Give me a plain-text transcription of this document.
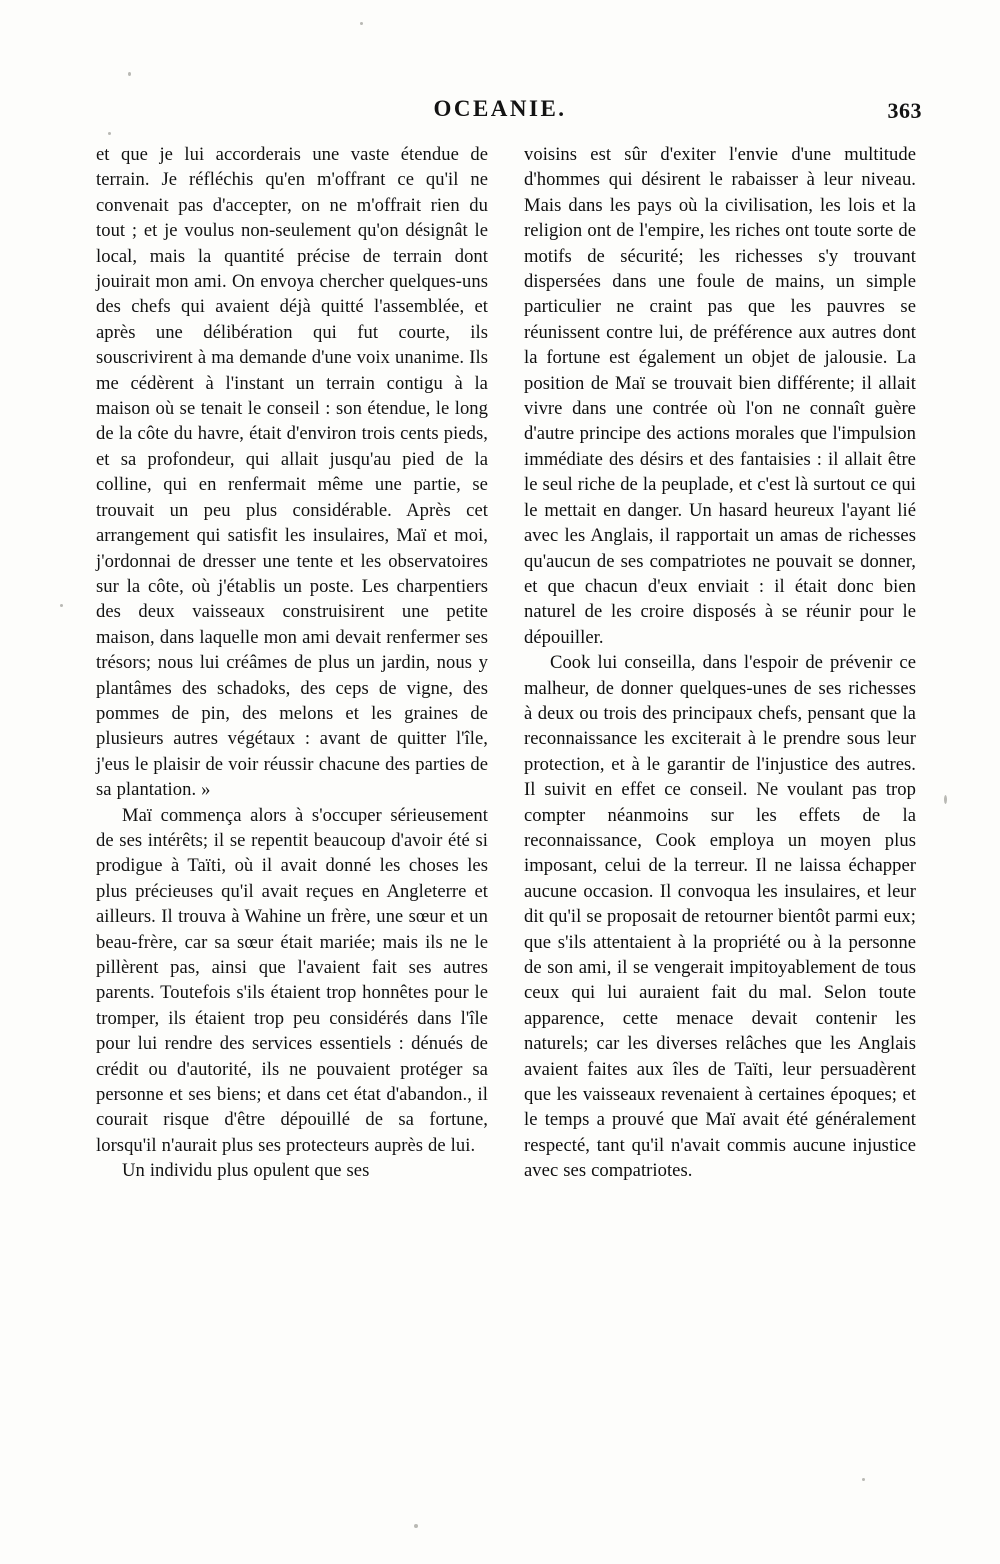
OCEANIE.	363

et que je lui accorderais une vaste étendue de terrain. Je réfléchis qu'en m'offrant ce qu'il ne convenait pas d'accepter, on ne m'offrait rien du tout ; et je voulus non-seulement qu'on désignât le local, mais la quantité précise de terrain dont jouirait mon ami. On envoya chercher quelques-uns des chefs qui avaient déjà quitté l'assemblée, et après une délibération qui fut courte, ils souscrivirent à ma demande d'une voix unanime. Ils me cédèrent à l'instant un terrain contigu à la maison où se tenait le conseil : son étendue, le long de la côte du havre, était d'environ trois cents pieds, et sa profondeur, qui allait jusqu'au pied de la colline, qui en renfermait même une partie, se trouvait un peu plus considérable. Après cet arrangement qui satisfit les insulaires, Maï et moi, j'ordonnai de dresser une tente et les observatoires sur la côte, où j'établis un poste. Les charpentiers des deux vaisseaux construisirent une petite maison, dans laquelle mon ami devait renfermer ses trésors; nous lui créâmes de plus un jardin, nous y plantâmes des schadoks, des ceps de vigne, des pommes de pin, des melons et les graines de plusieurs autres végétaux : avant de quitter l'île, j'eus le plaisir de voir réussir chacune des parties de sa plantation. »

Maï commença alors à s'occuper sérieusement de ses intérêts; il se repentit beaucoup d'avoir été si prodigue à Taïti, où il avait donné les choses les plus précieuses qu'il avait reçues en Angleterre et ailleurs. Il trouva à Wahine un frère, une sœur et un beau-frère, car sa sœur était mariée; mais ils ne le pillèrent pas, ainsi que l'avaient fait ses autres parents. Toutefois s'ils étaient trop honnêtes pour le tromper, ils étaient trop peu considérés dans l'île pour lui rendre des services essentiels : dénués de crédit ou d'autorité, ils ne pouvaient protéger sa personne et ses biens; et dans cet état d'abandon., il courait risque d'être dépouillé de sa fortune, lorsqu'il n'aurait plus ses protecteurs auprès de lui.

Un individu plus opulent que ses

voisins est sûr d'exiter l'envie d'une multitude d'hommes qui désirent le rabaisser à leur niveau. Mais dans les pays où la civilisation, les lois et la religion ont de l'empire, les riches ont toute sorte de motifs de sécurité; les richesses s'y trouvant dispersées dans une foule de mains, un simple particulier ne craint pas que les pauvres se réunissent contre lui, de préférence aux autres dont la fortune est également un objet de jalousie. La position de Maï se trouvait bien différente; il allait vivre dans une contrée où l'on ne connaît guère d'autre principe des actions morales que l'impulsion immédiate des désirs et des fantaisies : il allait être le seul riche de la peuplade, et c'est là surtout ce qui le mettait en danger. Un hasard heureux l'ayant lié avec les Anglais, il rapportait un amas de richesses qu'aucun de ses compatriotes ne pouvait se donner, et que chacun d'eux enviait : il était donc bien naturel de les croire disposés à se réunir pour le dépouiller.

Cook lui conseilla, dans l'espoir de prévenir ce malheur, de donner quelques-unes de ses richesses à deux ou trois des principaux chefs, pensant que la reconnaissance les exciterait à le prendre sous leur protection, et à le garantir de l'injustice des autres. Il suivit en effet ce conseil. Ne voulant pas trop compter néanmoins sur les effets de la reconnaissance, Cook employa un moyen plus imposant, celui de la terreur. Il ne laissa échapper aucune occasion. Il convoqua les insulaires, et leur dit qu'il se proposait de retourner bientôt parmi eux; que s'ils attentaient à la propriété ou à la personne de son ami, il se vengerait impitoyablement de tous ceux qui lui auraient fait du mal. Selon toute apparence, cette menace devait contenir les naturels; car les diverses relâches que les Anglais avaient faites aux îles de Taïti, leur persuadèrent que les vaisseaux revenaient à certaines époques; et le temps a prouvé que Maï avait été généralement respecté, tant qu'il n'avait commis aucune injustice avec ses compatriotes.
